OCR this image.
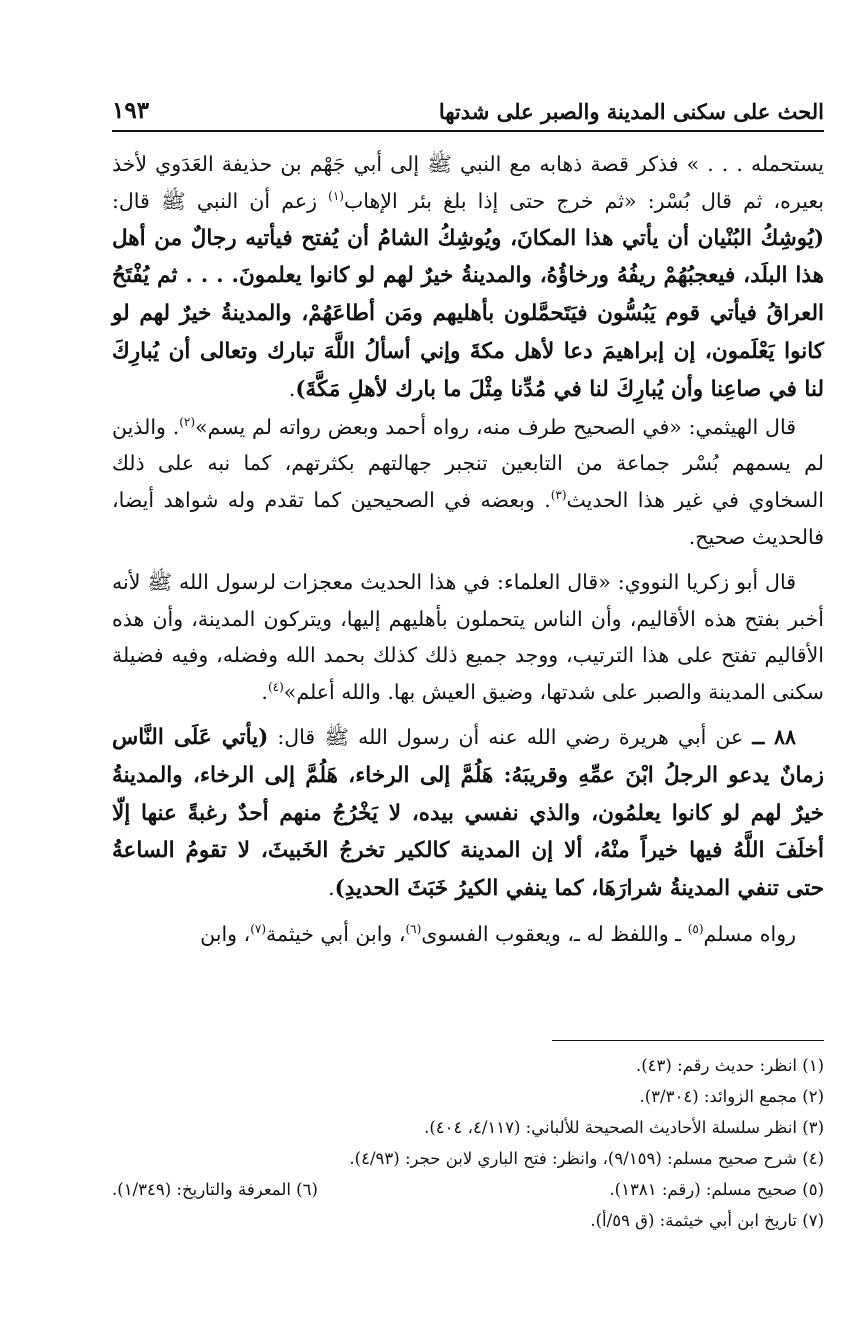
الحث على سكنى المدينة والصبر على شدتها
١٩٣

يستحمله . . . » فذكر قصة ذهابه مع النبي ﷺ إلى أبي جَهْم بن حذيفة العَدَوي لأخذ بعيره، ثم قال بُسْر: «ثم خرج حتى إذا بلغ بئر الإهاب$^{(١)}$ زعم أن النبي ﷺ قال: (يُوشِكُ البُنْيان أن يأتي هذا المكانَ، ويُوشِكُ الشامُ أن يُفتح فيأتيه رجالٌ من أهل هذا البلَد، فيعجبُهُمْ ريفُهُ ورخاؤُهُ، والمدينةُ خيرٌ لهم لو كانوا يعلمونَ. . . . ثم يُفْتَحُ العراقُ فيأتي قوم يَبُسُّون فيَتَحمَّلون بأهليهم ومَن أطاعَهُمْ، والمدينةُ خيرٌ لهم لو كانوا يَعْلَمون، إن إبراهيمَ دعا لأهل مكةَ وإني أسألُ اللَّهَ تبارك وتعالى أن يُبارِكَ لنا في صاعِنا وأن يُبارِكَ لنا في مُدِّنا مِثْلَ ما بارك لأهلِ مَكَّةَ).

قال الهيثمي: «في الصحيح طرف منه، رواه أحمد وبعض رواته لم يسم»$^{(٢)}$. والذين لم يسمهم بُسْر جماعة من التابعين تنجبر جهالتهم بكثرتهم، كما نبه على ذلك السخاوي في غير هذا الحديث$^{(٣)}$. وبعضه في الصحيحين كما تقدم وله شواهد أيضا، فالحديث صحيح.

قال أبو زكريا النووي: «قال العلماء: في هذا الحديث معجزات لرسول الله ﷺ لأنه أخبر بفتح هذه الأقاليم، وأن الناس يتحملون بأهليهم إليها، ويتركون المدينة، وأن هذه الأقاليم تفتح على هذا الترتيب، ووجد جميع ذلك كذلك بحمد الله وفضله، وفيه فضيلة سكنى المدينة والصبر على شدتها، وضيق العيش بها. والله أعلم»$^{(٤)}$.

٨٨ ــ عن أبي هريرة رضي الله عنه أن رسول الله ﷺ قال: (يأتي عَلَى النَّاس زمانٌ يدعو الرجلُ ابْنَ عمِّهِ وقريبَهُ: هَلُمَّ إلى الرخاء، هَلُمَّ إلى الرخاء، والمدينةُ خيرٌ لهم لو كانوا يعلمُون، والذي نفسي بيده، لا يَخْرُجُ منهم أحدٌ رغبةً عنها إلّا أخلَفَ اللَّهُ فيها خيراً منْهُ، ألا إن المدينة كالكير تخرجُ الخَبيثَ، لا تقومُ الساعةُ حتى تنفي المدينةُ شرارَهَا، كما ينفي الكيرُ خَبَثَ الحديدِ).

رواه مسلم$^{(٥)}$ ـ واللفظ له ـ، ويعقوب الفسوى$^{(٦)}$، وابن أبي خيثمة$^{(٧)}$، وابن

(١) انظر: حديث رقم: (٤٣).
(٢) مجمع الزوائد: (٣/٣٠٤).
(٣) انظر سلسلة الأحاديث الصحيحة للألباني: (٤/١١٧، ٤٠٤).
(٤) شرح صحيح مسلم: (٩/١٥٩)، وانظر: فتح الباري لابن حجر: (٤/٩٣).
(٥) صحيح مسلم: (رقم: ١٣٨١).
(٦) المعرفة والتاريخ: (١/٣٤٩).
(٧) تاريخ ابن أبي خيثمة: (ق ٥٩/أ).
